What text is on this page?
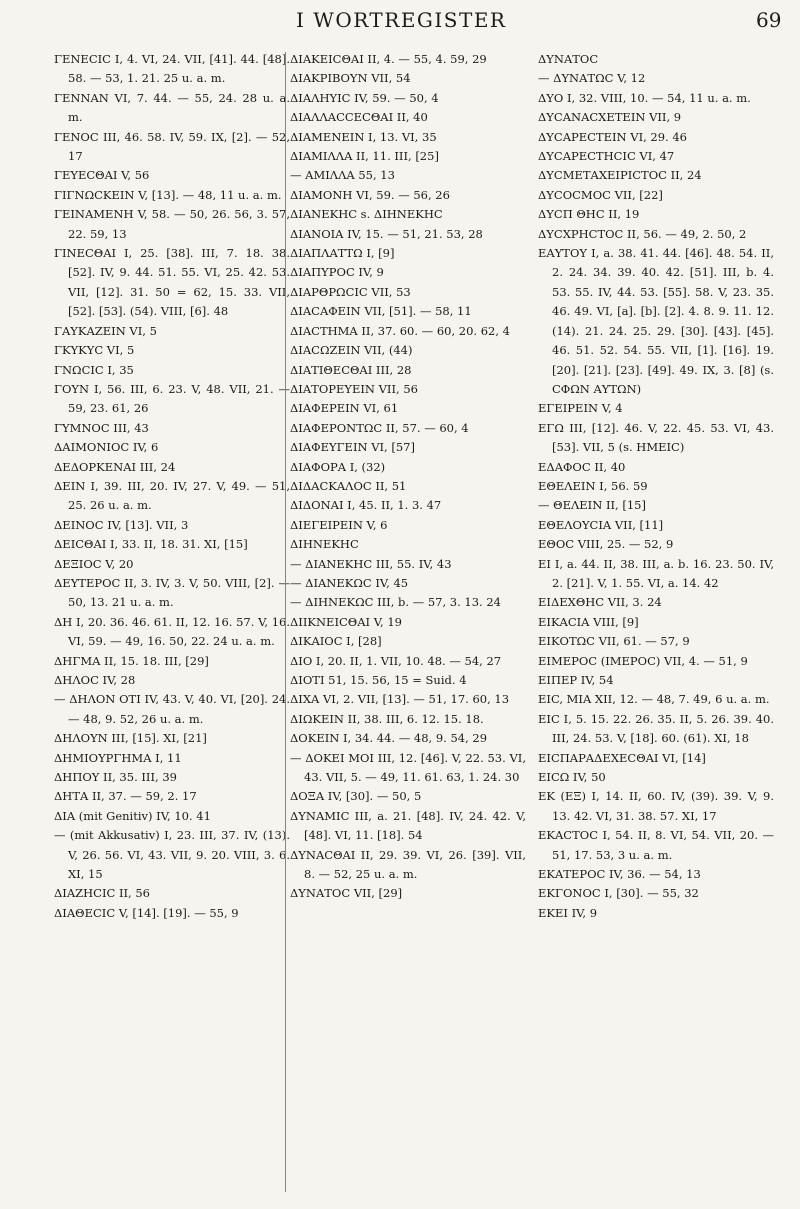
I WORTREGISTER	69
ΓΕΝΕCΙC I, 4. VI, 24. VII, [41]. 44. [48]. 58. — 53, 1. 21. 25 u. a. m.
ΓΕΝΝΑΝ VI, 7. 44. — 55, 24. 28 u. a. m.
ΓΕΝΟC III, 46. 58. IV, 59. IX, [2]. — 52, 17
ΓΕΥΕCΘΑΙ V, 56
ΓΙΓΝΩCΚΕΙΝ V, [13]. — 48, 11 u. a. m.
ΓΕΙΝΑΜΕΝΗ V, 58. — 50, 26. 56, 3. 57, 22. 59, 13
ΓΙΝΕCΘΑΙ I, 25. [38]. III, 7. 18. 38. [52]. IV, 9. 44. 51. 55. VI, 25. 42. 53. VII, [12]. 31. 50 = 62, 15. 33. VII, [52]. [53]. (54). VIII, [6]. 48
ΓΑΥΚΑΖΕΙΝ VI, 5
ΓΚΥΚΥC VI, 5
ΓΝΩCΙC I, 35
ΓΟΥΝ I, 56. III, 6. 23. V, 48. VII, 21. — 59, 23. 61, 26
ΓΥΜΝΟC III, 43
ΔΑΙΜΟΝΙΟC IV, 6
ΔΕΔΟΡΚΕΝΑΙ III, 24
ΔΕΙΝ I, 39. III, 20. IV, 27. V, 49. — 51, 25. 26 u. a. m.
ΔΕΙΝΟC IV, [13]. VII, 3
ΔΕΙCΘΑΙ I, 33. II, 18. 31. XI, [15]
ΔΕΞΙΟC V, 20
ΔΕΥΤΕΡΟC II, 3. IV, 3. V, 50. VIII, [2]. — 50, 13. 21 u. a. m.
ΔΗ I, 20. 36. 46. 61. II, 12. 16. 57. V, 16. VI, 59. — 49, 16. 50, 22. 24 u. a. m.
ΔΗΓΜΑ II, 15. 18. III, [29]
ΔΗΛΟC IV, 28
— ΔΗΛΟΝ ΟΤΙ IV, 43. V, 40. VI, [20]. 24. — 48, 9. 52, 26 u. a. m.
ΔΗΛΟΥΝ III, [15]. XI, [21]
ΔΗΜΙΟΥΡΓΗΜΑ I, 11
ΔΗΠΟΥ II, 35. III, 39
ΔΗΤΑ II, 37. — 59, 2. 17
ΔΙΑ (mit Genitiv) IV, 10. 41
— (mit Akkusativ) I, 23. III, 37. IV, (13). V, 26. 56. VI, 43. VII, 9. 20. VIII, 3. 6. XI, 15
ΔΙΑΖΗCΙC II, 56
ΔΙΑΘΕCΙC V, [14]. [19]. — 55, 9
ΔΙΑΚΕΙCΘΑΙ II, 4. — 55, 4. 59, 29
ΔΙΑΚΡΙΒΟΥΝ VII, 54
ΔΙΑΛΗΥΙC IV, 59. — 50, 4
ΔΙΑΛΛΑCCΕCΘΑΙ II, 40
ΔΙΑΜΕΝΕΙΝ I, 13. VI, 35
ΔΙΑΜΙΛΛΑ II, 11. III, [25]
— ΑΜΙΛΛΑ 55, 13
ΔΙΑΜΟΝΗ VI, 59. — 56, 26
ΔΙΑΝΕΚΗC s. ΔΙΗΝΕΚΗC
ΔΙΑΝΟΙΑ IV, 15. — 51, 21. 53, 28
ΔΙΑΠΛΑΤΤΩ I, [9]
ΔΙΑΠΥΡΟC IV, 9
ΔΙΑΡΘΡΩCΙC VII, 53
ΔΙΑCΑΦΕΙΝ VII, [51]. — 58, 11
ΔΙΑCΤΗΜΑ II, 37. 60. — 60, 20. 62, 4
ΔΙΑCΩΖΕΙΝ VII, (44)
ΔΙΑΤΙΘΕCΘΑΙ III, 28
ΔΙΑΤΟΡΕΥΕΙΝ VII, 56
ΔΙΑΦΕΡΕΙΝ VI, 61
ΔΙΑΦΕΡΟΝΤΩC II, 57. — 60, 4
ΔΙΑΦΕΥΓΕΙΝ VI, [57]
ΔΙΑΦΟΡΑ I, (32)
ΔΙΔΑCΚΑΛΟC II, 51
ΔΙΔΟΝΑΙ I, 45. II, 1. 3. 47
ΔΙΕΓΕΙΡΕΙΝ V, 6
ΔΙΗΝΕΚΗC
— ΔΙΑΝΕΚΗC III, 55. IV, 43
— ΔΙΑΝΕΚΩC IV, 45
— ΔΙΗΝΕΚΩC III, b. — 57, 3. 13. 24
ΔΙΙΚΝΕΙCΘΑΙ V, 19
ΔΙΚΑΙΟC I, [28]
ΔΙΟ I, 20. II, 1. VII, 10. 48. — 54, 27
ΔΙΟΤΙ 51, 15. 56, 15 = Suid. 4
ΔΙΧΑ VI, 2. VII, [13]. — 51, 17. 60, 13
ΔΙΩΚΕΙΝ II, 38. III, 6. 12. 15. 18.
ΔΟΚΕΙΝ I, 34. 44. — 48, 9. 54, 29
— ΔΟΚΕΙ ΜΟΙ III, 12. [46]. V, 22. 53. VI, 43. VII, 5. — 49, 11. 61. 63, 1. 24. 30
ΔΟΞΑ IV, [30]. — 50, 5
ΔΥΝΑΜΙC III, a. 21. [48]. IV, 24. 42. V, [48]. VI, 11. [18]. 54
ΔΥΝΑCΘΑΙ II, 29. 39. VI, 26. [39]. VII, 8. — 52, 25 u. a. m.
ΔΥΝΑΤΟC VII, [29]
ΔΥΝΑΤΟC
— ΔΥΝΑΤΩC V, 12
ΔΥΟ I, 32. VIII, 10. — 54, 11 u. a. m.
ΔΥCΑΝΑCΧΕΤΕΙΝ VII, 9
ΔΥCΑΡΕCΤΕΙΝ VI, 29. 46
ΔΥCΑΡΕCΤΗCΙC VI, 47
ΔΥCΜΕΤΑΧΕΙΡΙCΤΟC II, 24
ΔΥCΟCΜΟC VII, [22]
ΔΥCΠ ΘΗC II, 19
ΔΥCΧΡΗCΤΟC II, 56. — 49, 2. 50, 2
ΕΑΥΤΟΥ I, a. 38. 41. 44. [46]. 48. 54. II, 2. 24. 34. 39. 40. 42. [51]. III, b. 4. 53. 55. IV, 44. 53. [55]. 58. V, 23. 35. 46. 49. VI, [a]. [b]. [2]. 4. 8. 9. 11. 12. (14). 21. 24. 25. 29. [30]. [43]. [45]. 46. 51. 52. 54. 55. VII, [1]. [16]. 19. [20]. [21]. [23]. [49]. 49. IX, 3. [8] (s. CΦΩΝ ΑΥΤΩΝ)
ΕΓΕΙΡΕΙΝ V, 4
ΕΓΩ III, [12]. 46. V, 22. 45. 53. VI, 43. [53]. VII, 5 (s. ΗΜΕΙC)
ΕΔΑΦΟC II, 40
ΕΘΕΛΕΙΝ I, 56. 59
— ΘΕΛΕΙΝ II, [15]
ΕΘΕΛΟΥCΙΑ VII, [11]
ΕΘΟC VIII, 25. — 52, 9
ΕΙ I, a. 44. II, 38. III, a. b. 16. 23. 50. IV, 2. [21]. V, 1. 55. VI, a. 14. 42
ΕΙΔΕΧΘΗC VII, 3. 24
ΕΙΚΑCΙΑ VIII, [9]
ΕΙΚΟΤΩC VII, 61. — 57, 9
ΕΙΜΕΡΟC (ΙΜΕΡΟC) VII, 4. — 51, 9
ΕΙΠΕΡ IV, 54
ΕΙC, ΜΙΑ XII, 12. — 48, 7. 49, 6 u. a. m.
ΕΙC I, 5. 15. 22. 26. 35. II, 5. 26. 39. 40. III, 24. 53. V, [18]. 60. (61). XI, 18
ΕΙCΠΑΡΑΔΕΧΕCΘΑΙ VI, [14]
ΕΙCΩ IV, 50
ΕΚ (ΕΞ) I, 14. II, 60. IV, (39). 39. V, 9. 13. 42. VI, 31. 38. 57. XI, 17
ΕΚΑCΤΟC I, 54. II, 8. VI, 54. VII, 20. — 51, 17. 53, 3 u. a. m.
ΕΚΑΤΕΡΟC IV, 36. — 54, 13
ΕΚΓΟΝΟC I, [30]. — 55, 32
ΕΚΕΙ IV, 9
